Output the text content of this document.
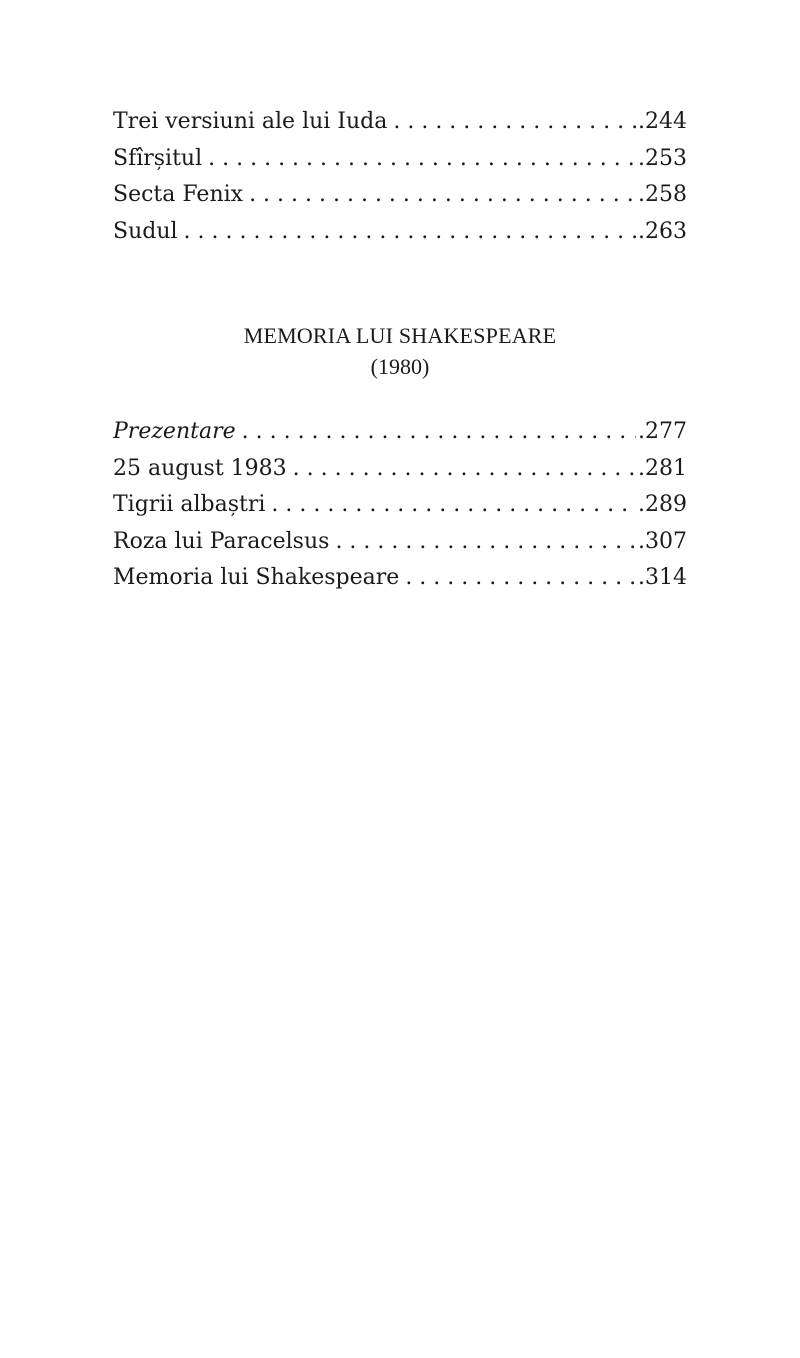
Trei versiuni ale lui Iuda . . .	.244
Sfîrșitul . . .	.253
Secta Fenix . . .	.258
Sudul . . .	.263
MEMORIA LUI SHAKESPEARE
(1980)
Prezentare . . .	.277
25 august 1983 . . .	.281
Tigrii albaștri . . .	.289
Roza lui Paracelsus . . .	.307
Memoria lui Shakespeare . . .	.314
